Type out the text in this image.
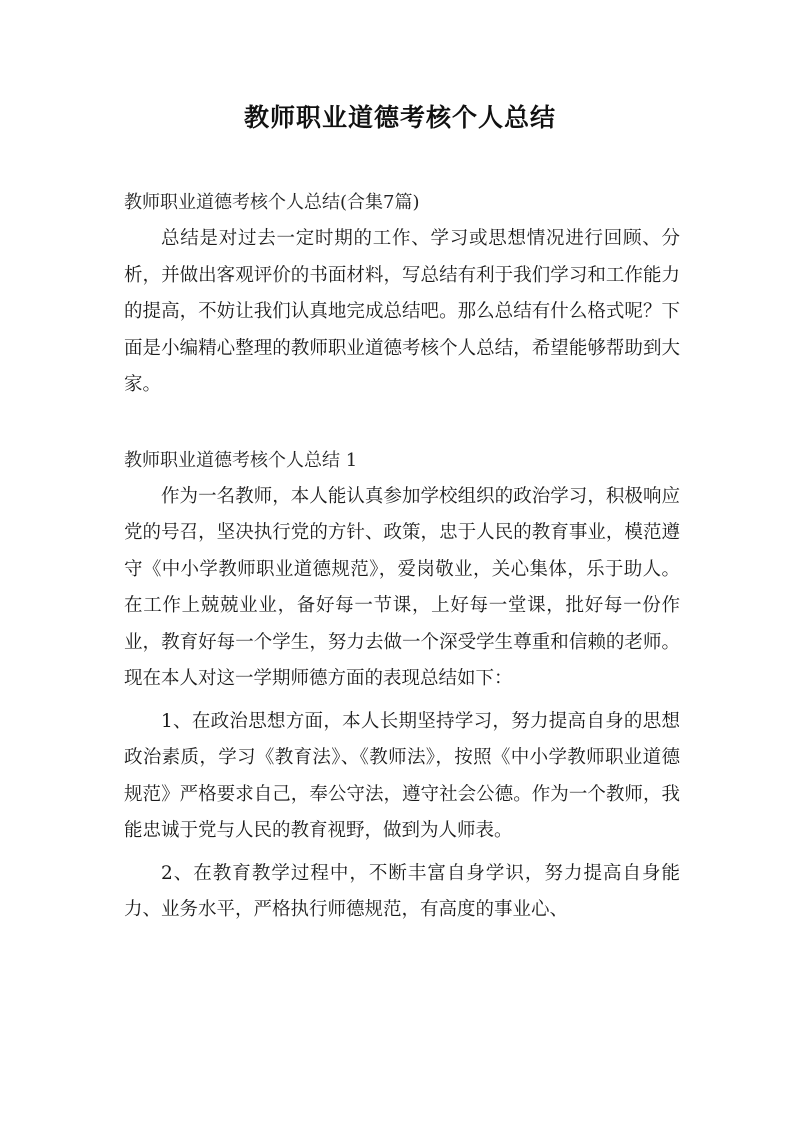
教师职业道德考核个人总结

教师职业道德考核个人总结(合集7篇)

总结是对过去一定时期的工作、学习或思想情况进行回顾、分析，并做出客观评价的书面材料，写总结有利于我们学习和工作能力的提高，不妨让我们认真地完成总结吧。那么总结有什么格式呢？下面是小编精心整理的教师职业道德考核个人总结，希望能够帮助到大家。

教师职业道德考核个人总结 1

作为一名教师，本人能认真参加学校组织的政治学习，积极响应党的号召，坚决执行党的方针、政策，忠于人民的教育事业，模范遵守《中小学教师职业道德规范》，爱岗敬业，关心集体，乐于助人。在工作上兢兢业业，备好每一节课，上好每一堂课，批好每一份作业，教育好每一个学生，努力去做一个深受学生尊重和信赖的老师。现在本人对这一学期师德方面的表现总结如下：

1、在政治思想方面，本人长期坚持学习，努力提高自身的思想政治素质，学习《教育法》、《教师法》，按照《中小学教师职业道德规范》严格要求自己，奉公守法，遵守社会公德。作为一个教师，我能忠诚于党与人民的教育视野，做到为人师表。

2、在教育教学过程中，不断丰富自身学识，努力提高自身能力、业务水平，严格执行师德规范，有高度的事业心、
